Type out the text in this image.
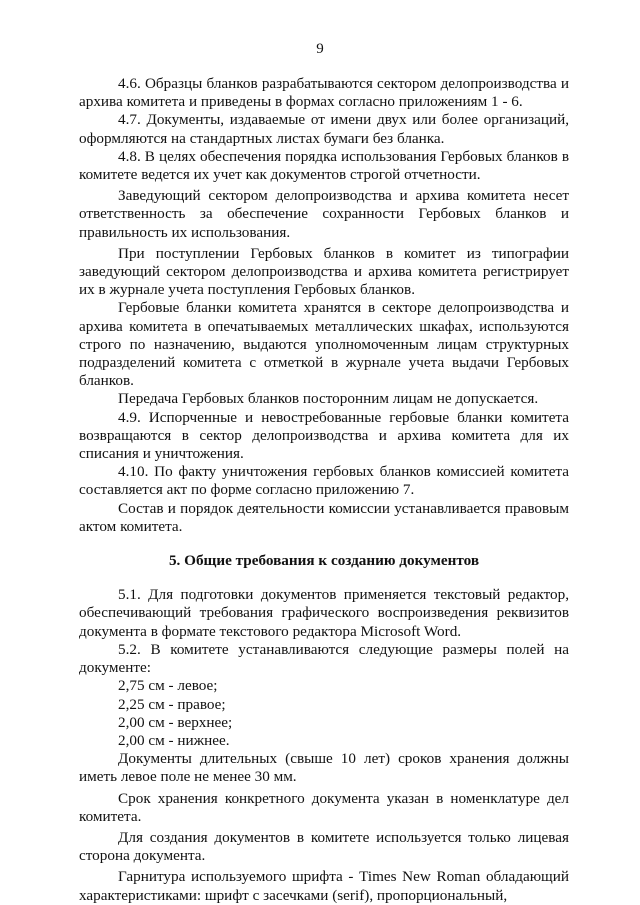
9

4.6. Образцы бланков разрабатываются сектором делопроизводства и архива комитета и приведены в формах согласно приложениям 1 - 6.

4.7. Документы, издаваемые от имени двух или более организаций, оформляются на стандартных листах бумаги без бланка.

4.8. В целях обеспечения порядка использования Гербовых бланков в комитете ведется их учет как документов строгой отчетности.

Заведующий сектором делопроизводства и архива комитета несет ответственность за обеспечение сохранности Гербовых бланков и правильность их использования.

При поступлении Гербовых бланков в комитет из типографии заведующий сектором делопроизводства и архива комитета регистрирует их в журнале учета поступления Гербовых бланков.

Гербовые бланки комитета хранятся в секторе делопроизводства и архива комитета в опечатываемых металлических шкафах, используются строго по назначению, выдаются уполномоченным лицам структурных подразделений комитета с отметкой в журнале учета выдачи Гербовых бланков.

Передача Гербовых бланков посторонним лицам не допускается.

4.9. Испорченные и невостребованные гербовые бланки комитета возвращаются в сектор делопроизводства и архива комитета для их списания и уничтожения.

4.10. По факту уничтожения гербовых бланков комиссией комитета составляется акт по форме согласно приложению 7.

Состав и порядок деятельности комиссии устанавливается правовым актом комитета.

5. Общие требования к созданию документов

5.1. Для подготовки документов применяется текстовый редактор, обеспечивающий требования графического воспроизведения реквизитов документа в формате текстового редактора Microsoft Word.

5.2. В комитете устанавливаются следующие размеры полей на документе:

2,75 см - левое;

2,25 см - правое;

2,00 см - верхнее;

2,00 см - нижнее.

Документы длительных (свыше 10 лет) сроков хранения должны иметь левое поле не менее 30 мм.

Срок хранения конкретного документа указан в номенклатуре дел комитета.

Для создания документов в комитете используется только лицевая сторона документа.

Гарнитура используемого шрифта - Times New Roman обладающий характеристиками: шрифт с засечками (serif), пропорциональный,
